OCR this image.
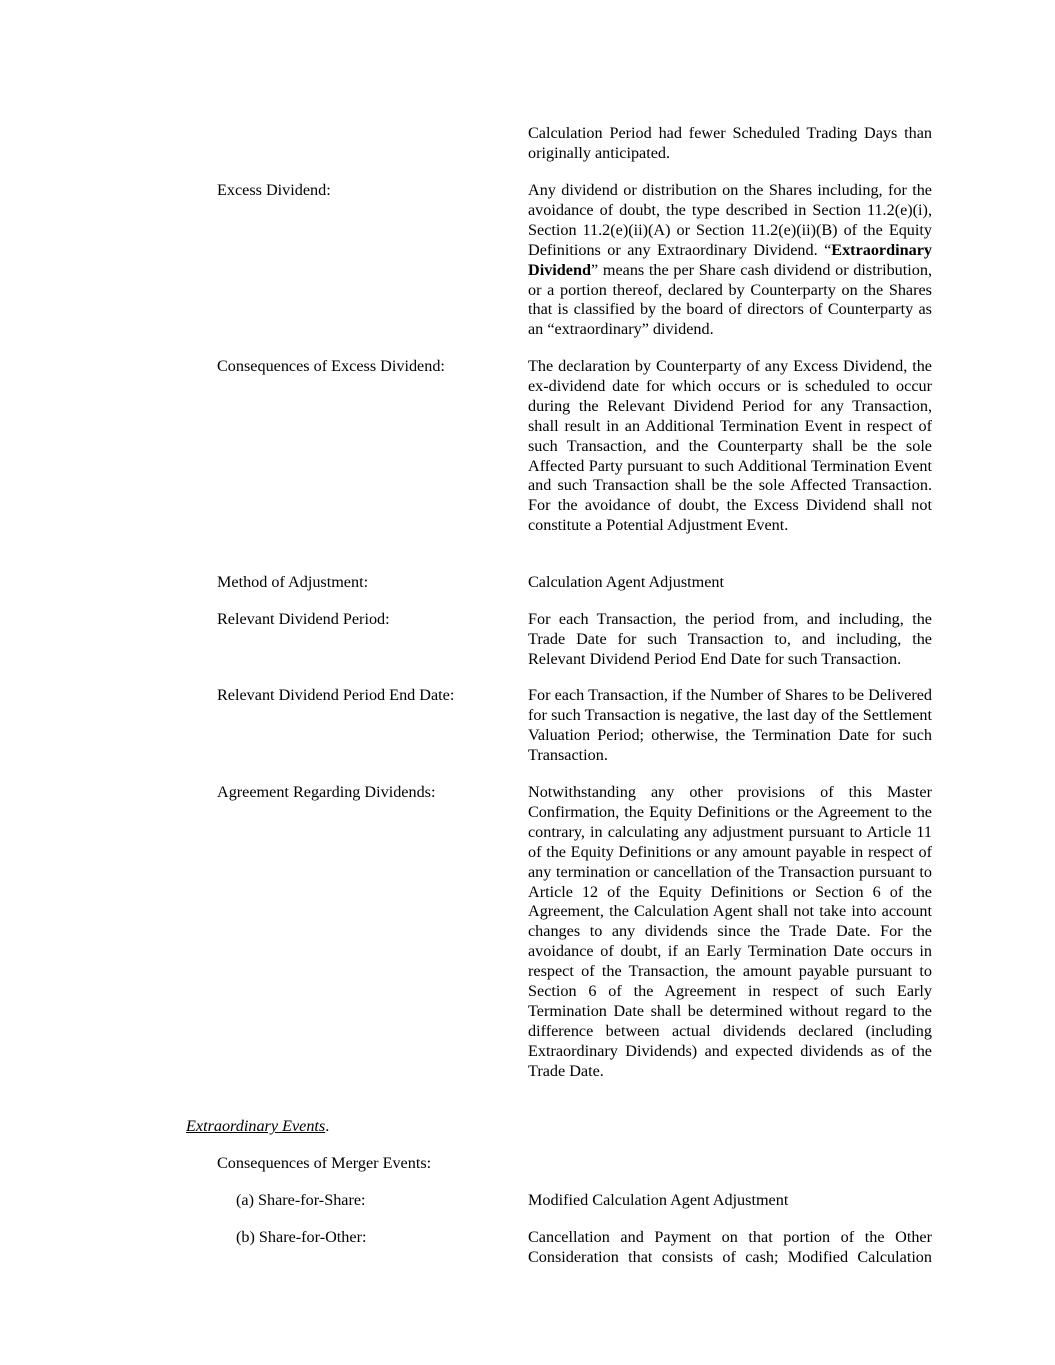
Calculation Period had fewer Scheduled Trading Days than originally anticipated.
Excess Dividend:	Any dividend or distribution on the Shares including, for the avoidance of doubt, the type described in Section 11.2(e)(i), Section 11.2(e)(ii)(A) or Section 11.2(e)(ii)(B) of the Equity Definitions or any Extraordinary Dividend. “Extraordinary Dividend” means the per Share cash dividend or distribution, or a portion thereof, declared by Counterparty on the Shares that is classified by the board of directors of Counterparty as an “extraordinary” dividend.
Consequences of Excess Dividend:	The declaration by Counterparty of any Excess Dividend, the ex-dividend date for which occurs or is scheduled to occur during the Relevant Dividend Period for any Transaction, shall result in an Additional Termination Event in respect of such Transaction, and the Counterparty shall be the sole Affected Party pursuant to such Additional Termination Event and such Transaction shall be the sole Affected Transaction. For the avoidance of doubt, the Excess Dividend shall not constitute a Potential Adjustment Event.
Method of Adjustment:	Calculation Agent Adjustment
Relevant Dividend Period:	For each Transaction, the period from, and including, the Trade Date for such Transaction to, and including, the Relevant Dividend Period End Date for such Transaction.
Relevant Dividend Period End Date:	For each Transaction, if the Number of Shares to be Delivered for such Transaction is negative, the last day of the Settlement Valuation Period; otherwise, the Termination Date for such Transaction.
Agreement Regarding Dividends:	Notwithstanding any other provisions of this Master Confirmation, the Equity Definitions or the Agreement to the contrary, in calculating any adjustment pursuant to Article 11 of the Equity Definitions or any amount payable in respect of any termination or cancellation of the Transaction pursuant to Article 12 of the Equity Definitions or Section 6 of the Agreement, the Calculation Agent shall not take into account changes to any dividends since the Trade Date. For the avoidance of doubt, if an Early Termination Date occurs in respect of the Transaction, the amount payable pursuant to Section 6 of the Agreement in respect of such Early Termination Date shall be determined without regard to the difference between actual dividends declared (including Extraordinary Dividends) and expected dividends as of the Trade Date.
Extraordinary Events.
Consequences of Merger Events:
(a) Share-for-Share:	Modified Calculation Agent Adjustment
(b) Share-for-Other:	Cancellation and Payment on that portion of the Other Consideration that consists of cash; Modified Calculation
